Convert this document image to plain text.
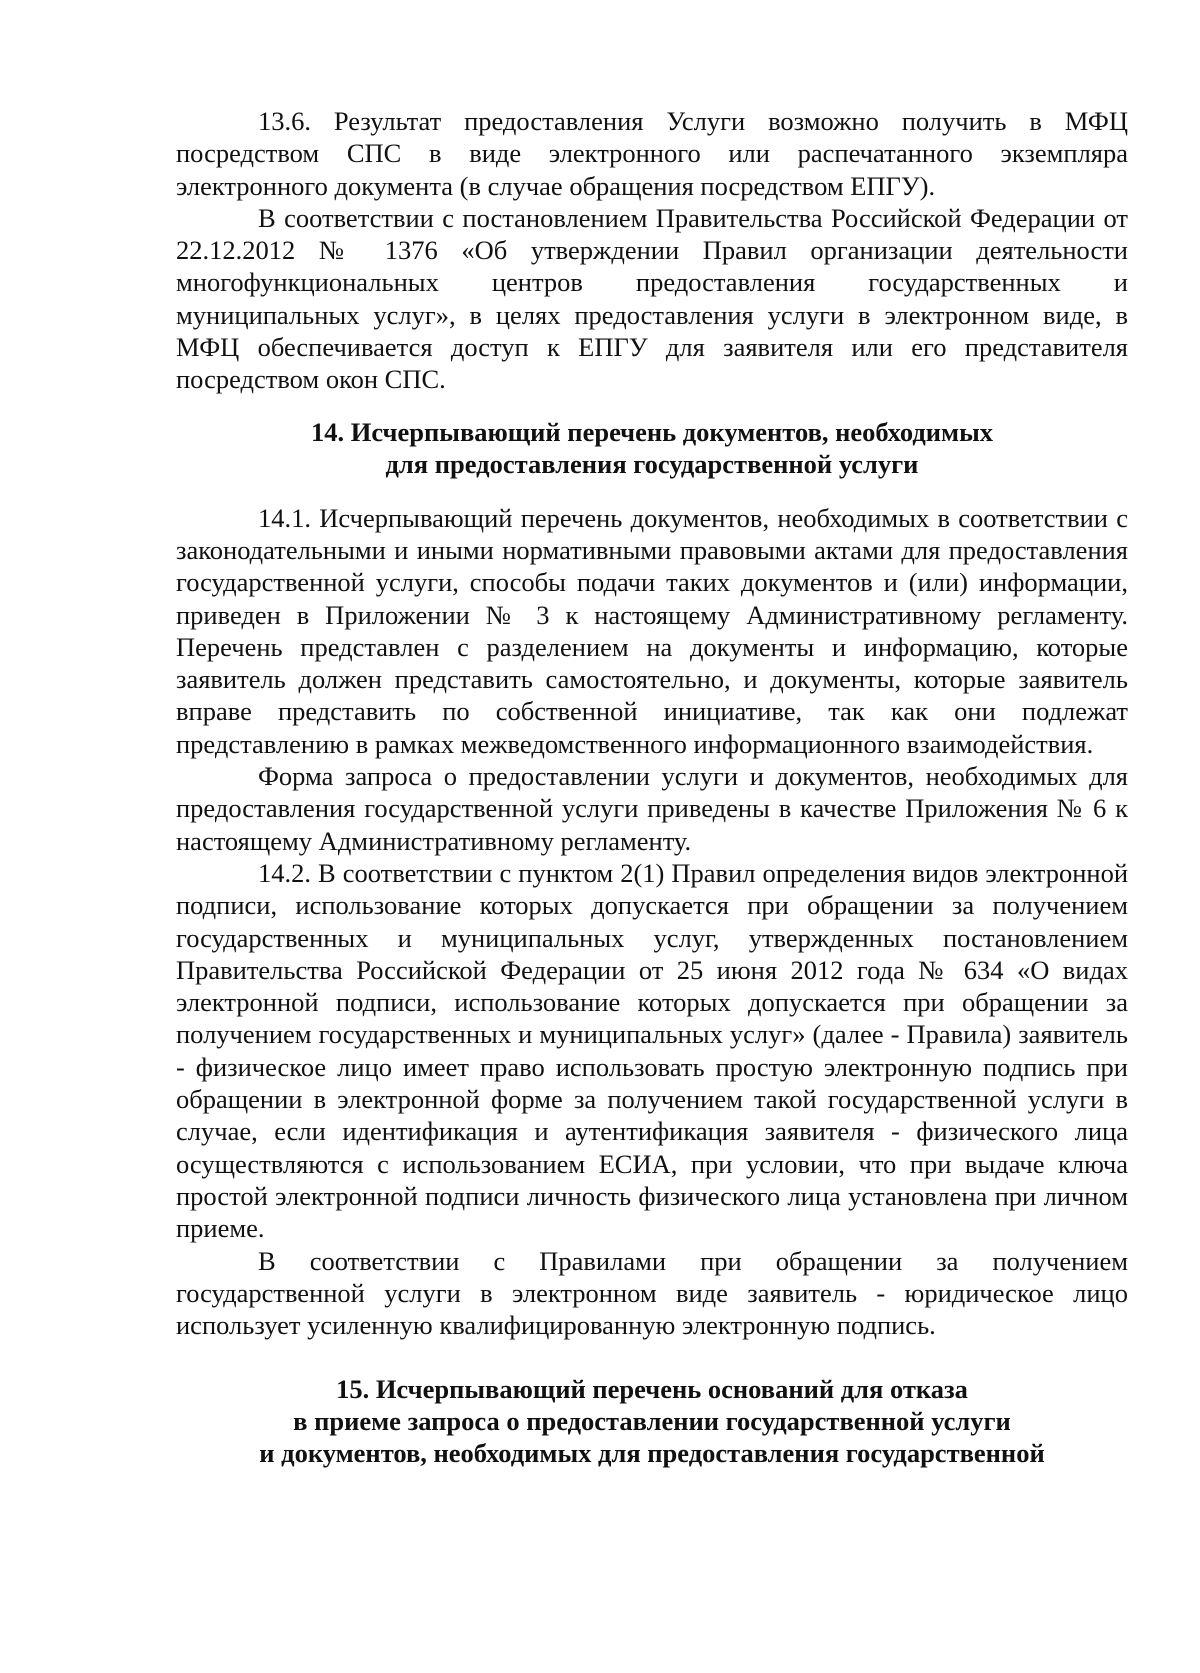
13.6. Результат предоставления Услуги возможно получить в МФЦ посредством СПС в виде электронного или распечатанного экземпляра электронного документа (в случае обращения посредством ЕПГУ).

В соответствии с постановлением Правительства Российской Федерации от 22.12.2012 № 1376 «Об утверждении Правил организации деятельности многофункциональных центров предоставления государственных и муниципальных услуг», в целях предоставления услуги в электронном виде, в МФЦ обеспечивается доступ к ЕПГУ для заявителя или его представителя посредством окон СПС.

14. Исчерпывающий перечень документов, необходимых
для предоставления государственной услуги

14.1. Исчерпывающий перечень документов, необходимых в соответствии с законодательными и иными нормативными правовыми актами для предоставления государственной услуги, способы подачи таких документов и (или) информации, приведен в Приложении № 3 к настоящему Административному регламенту. Перечень представлен с разделением на документы и информацию, которые заявитель должен представить самостоятельно, и документы, которые заявитель вправе представить по собственной инициативе, так как они подлежат представлению в рамках межведомственного информационного взаимодействия.

Форма запроса о предоставлении услуги и документов, необходимых для предоставления государственной услуги приведены в качестве Приложения № 6 к настоящему Административному регламенту.

14.2. В соответствии с пунктом 2(1) Правил определения видов электронной подписи, использование которых допускается при обращении за получением государственных и муниципальных услуг, утвержденных постановлением Правительства Российской Федерации от 25 июня 2012 года № 634 «О видах электронной подписи, использование которых допускается при обращении за получением государственных и муниципальных услуг» (далее - Правила) заявитель - физическое лицо имеет право использовать простую электронную подпись при обращении в электронной форме за получением такой государственной услуги в случае, если идентификация и аутентификация заявителя - физического лица осуществляются с использованием ЕСИА, при условии, что при выдаче ключа простой электронной подписи личность физического лица установлена при личном приеме.

В соответствии с Правилами при обращении за получением государственной услуги в электронном виде заявитель - юридическое лицо использует усиленную квалифицированную электронную подпись.

15. Исчерпывающий перечень оснований для отказа
в приеме запроса о предоставлении государственной услуги
и документов, необходимых для предоставления государственной
